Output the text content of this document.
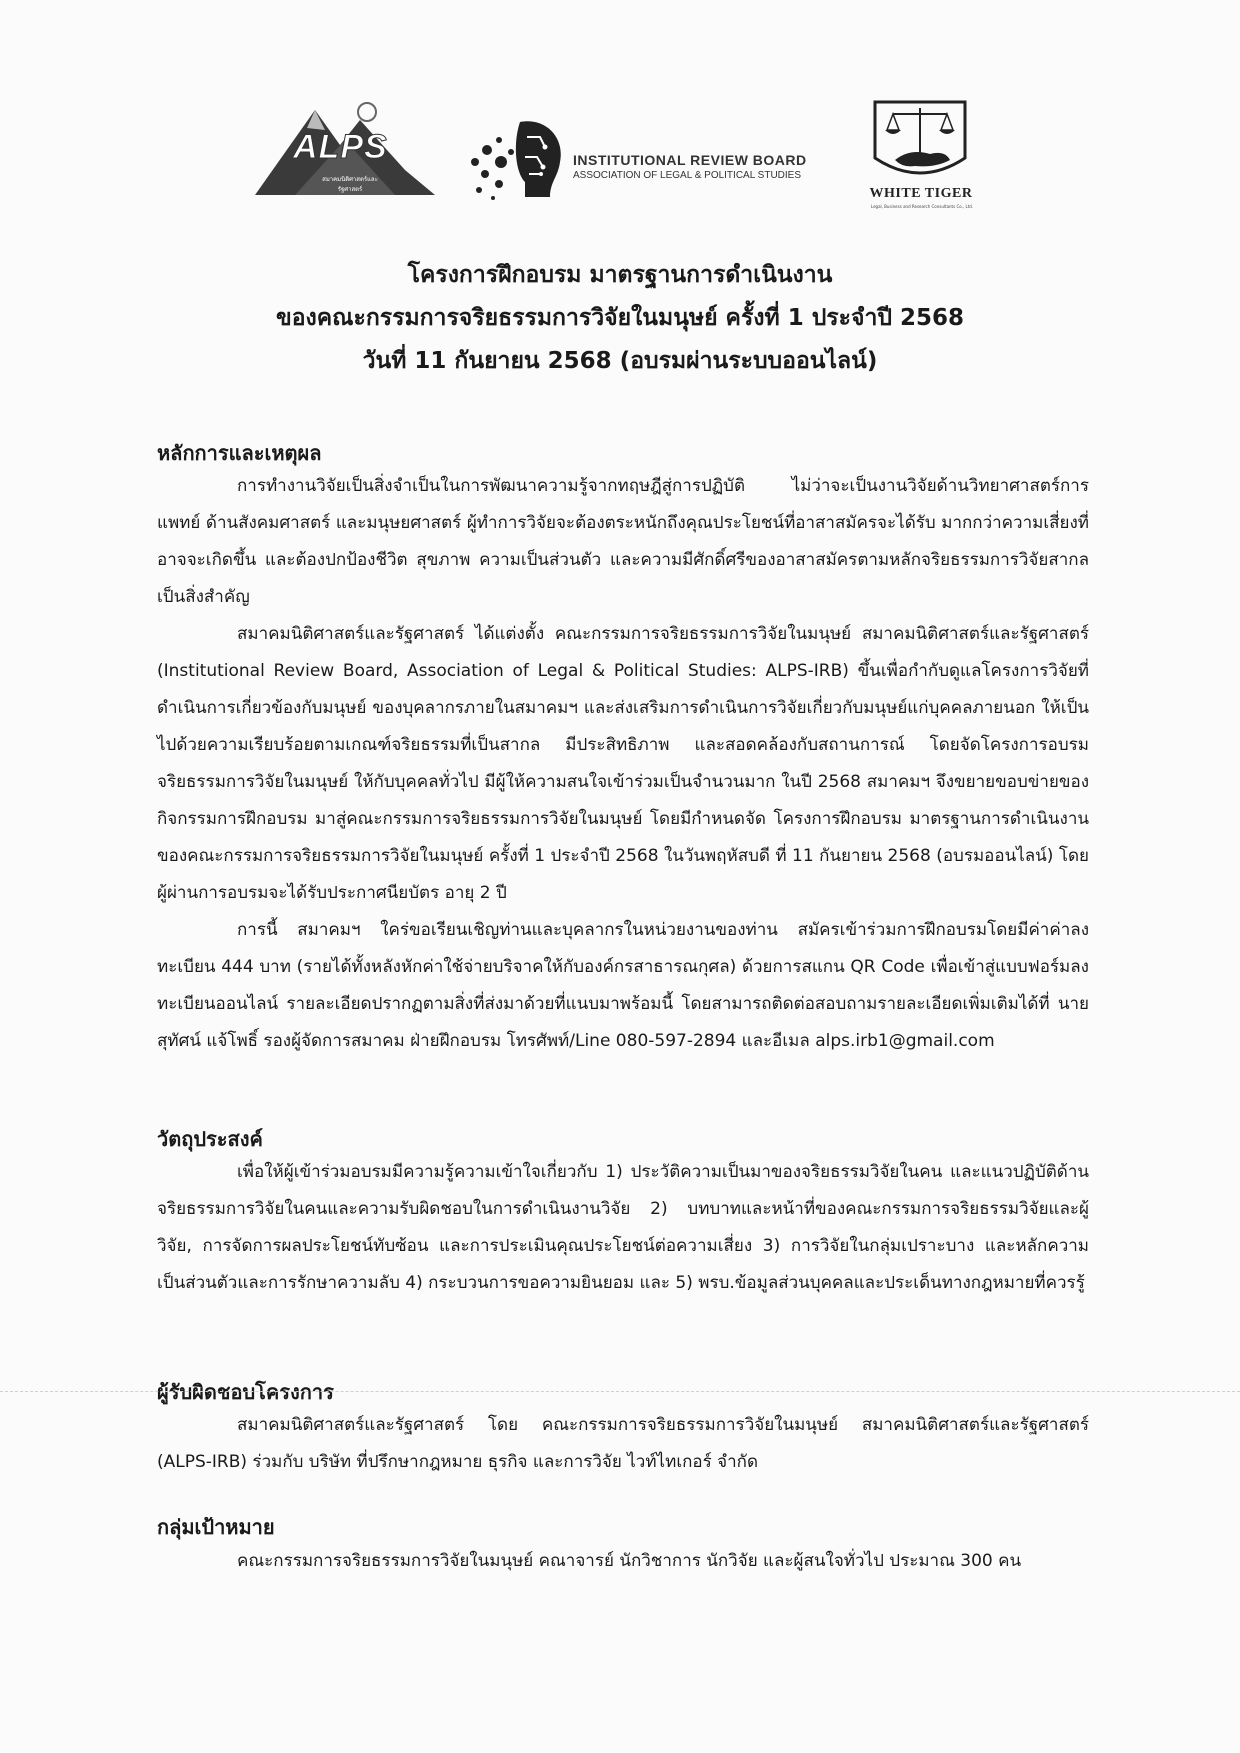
ALPS
สมาคมนิติศาสตร์และรัฐศาสตร์
INSTITUTIONAL REVIEW BOARD
ASSOCIATION OF LEGAL & POLITICAL STUDIES
WHITE TIGER
Legal, Business and Research Consultants Co., Ltd.
โครงการฝึกอบรม มาตรฐานการดำเนินงาน
ของคณะกรรมการจริยธรรมการวิจัยในมนุษย์ ครั้งที่ 1 ประจำปี 2568
วันที่ 11 กันยายน 2568 (อบรมผ่านระบบออนไลน์)
หลักการและเหตุผล

การทำงานวิจัยเป็นสิ่งจำเป็นในการพัฒนาความรู้จากทฤษฎีสู่การปฏิบัติ ไม่ว่าจะเป็นงานวิจัยด้านวิทยาศาสตร์การแพทย์ ด้านสังคมศาสตร์ และมนุษยศาสตร์ ผู้ทำการวิจัยจะต้องตระหนักถึงคุณประโยชน์ที่อาสาสมัครจะได้รับ มากกว่าความเสี่ยงที่อาจจะเกิดขึ้น และต้องปกป้องชีวิต สุขภาพ ความเป็นส่วนตัว และความมีศักดิ์ศรีของอาสาสมัครตามหลักจริยธรรมการวิจัยสากลเป็นสิ่งสำคัญ

สมาคมนิติศาสตร์และรัฐศาสตร์ ได้แต่งตั้ง คณะกรรมการจริยธรรมการวิจัยในมนุษย์ สมาคมนิติศาสตร์และรัฐศาสตร์ (Institutional Review Board, Association of Legal & Political Studies: ALPS-IRB) ขึ้นเพื่อกำกับดูแลโครงการวิจัยที่ดำเนินการเกี่ยวข้องกับมนุษย์ ของบุคลากรภายในสมาคมฯ และส่งเสริมการดำเนินการวิจัยเกี่ยวกับมนุษย์แก่บุคคลภายนอก ให้เป็นไปด้วยความเรียบร้อยตามเกณฑ์จริยธรรมที่เป็นสากล มีประสิทธิภาพ และสอดคล้องกับสถานการณ์ โดยจัดโครงการอบรมจริยธรรมการวิจัยในมนุษย์ ให้กับบุคคลทั่วไป มีผู้ให้ความสนใจเข้าร่วมเป็นจำนวนมาก ในปี 2568 สมาคมฯ จึงขยายขอบข่ายของกิจกรรมการฝึกอบรม มาสู่คณะกรรมการจริยธรรมการวิจัยในมนุษย์ โดยมีกำหนดจัด โครงการฝึกอบรม มาตรฐานการดำเนินงานของคณะกรรมการจริยธรรมการวิจัยในมนุษย์ ครั้งที่ 1 ประจำปี 2568 ในวันพฤหัสบดี ที่ 11 กันยายน 2568 (อบรมออนไลน์) โดยผู้ผ่านการอบรมจะได้รับประกาศนียบัตร อายุ 2 ปี

การนี้ สมาคมฯ ใคร่ขอเรียนเชิญท่านและบุคลากรในหน่วยงานของท่าน สมัครเข้าร่วมการฝึกอบรมโดยมีค่าค่าลงทะเบียน 444 บาท (รายได้ทั้งหลังหักค่าใช้จ่ายบริจาคให้กับองค์กรสาธารณกุศล) ด้วยการสแกน QR Code เพื่อเข้าสู่แบบฟอร์มลงทะเบียนออนไลน์ รายละเอียดปรากฏตามสิ่งที่ส่งมาด้วยที่แนบมาพร้อมนี้ โดยสามารถติดต่อสอบถามรายละเอียดเพิ่มเติมได้ที่ นายสุทัศน์ แจ้โพธิ์ รองผู้จัดการสมาคม ฝ่ายฝึกอบรม โทรศัพท์/Line 080-597-2894 และอีเมล alps.irb1@gmail.com

วัตถุประสงค์

เพื่อให้ผู้เข้าร่วมอบรมมีความรู้ความเข้าใจเกี่ยวกับ 1) ประวัติความเป็นมาของจริยธรรมวิจัยในคน และแนวปฏิบัติด้านจริยธรรมการวิจัยในคนและความรับผิดชอบในการดำเนินงานวิจัย 2) บทบาทและหน้าที่ของคณะกรรมการจริยธรรมวิจัยและผู้วิจัย, การจัดการผลประโยชน์ทับซ้อน และการประเมินคุณประโยชน์ต่อความเสี่ยง 3) การวิจัยในกลุ่มเปราะบาง และหลักความเป็นส่วนตัวและการรักษาความลับ 4) กระบวนการขอความยินยอม และ 5) พรบ.ข้อมูลส่วนบุคคลและประเด็นทางกฎหมายที่ควรรู้

ผู้รับผิดชอบโครงการ

สมาคมนิติศาสตร์และรัฐศาสตร์ โดย คณะกรรมการจริยธรรมการวิจัยในมนุษย์ สมาคมนิติศาสตร์และรัฐศาสตร์ (ALPS-IRB) ร่วมกับ บริษัท ที่ปรึกษากฎหมาย ธุรกิจ และการวิจัย ไวท์ไทเกอร์ จำกัด

กลุ่มเป้าหมาย

คณะกรรมการจริยธรรมการวิจัยในมนุษย์ คณาจารย์ นักวิชาการ นักวิจัย และผู้สนใจทั่วไป ประมาณ 300 คน
